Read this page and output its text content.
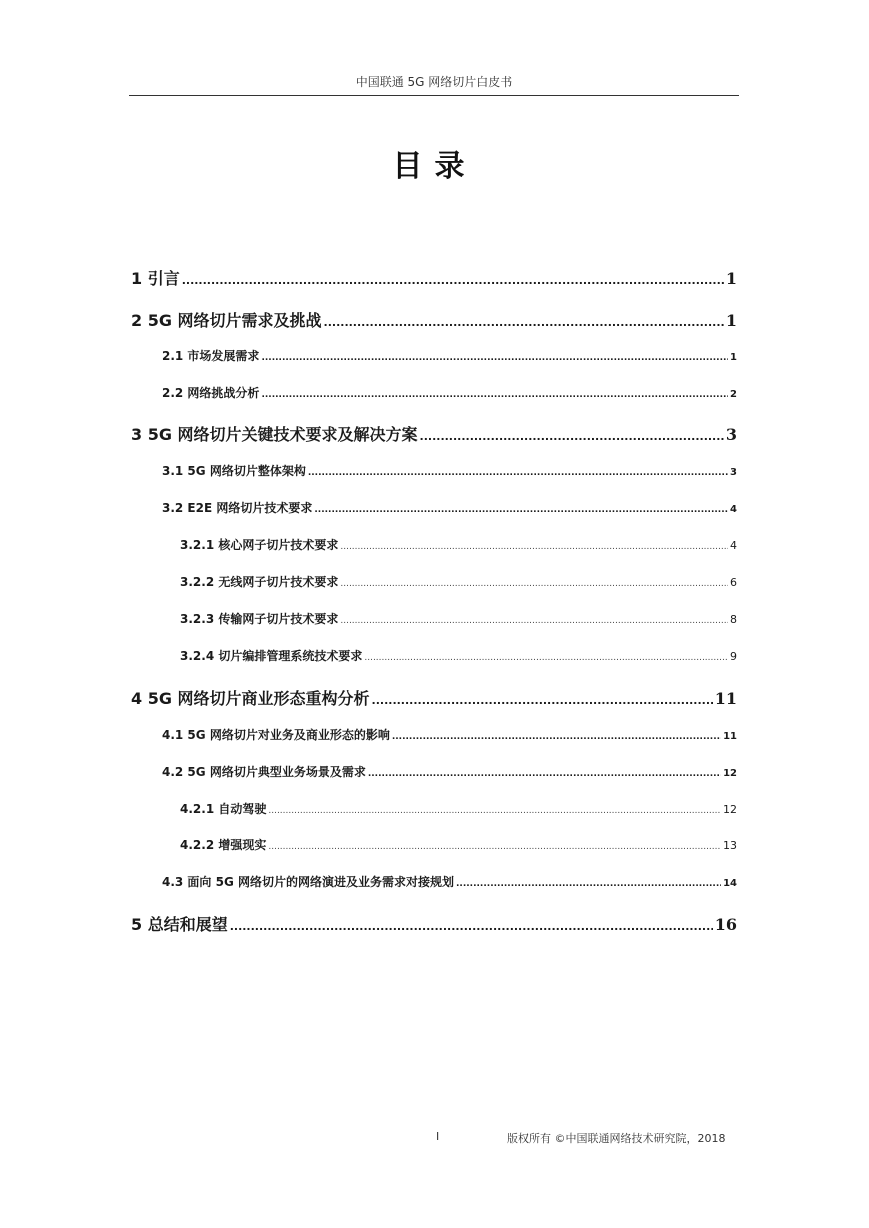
中国联通 5G 网络切片白皮书
目录
1 引言 .....	1
2 5G 网络切片需求及挑战 .....	1
2.1 市场发展需求 .....	1
2.2 网络挑战分析 .....	2
3 5G 网络切片关键技术要求及解决方案 .....	3
3.1 5G 网络切片整体架构 .....	3
3.2 E2E 网络切片技术要求 .....	4
3.2.1 核心网子切片技术要求 .....	4
3.2.2 无线网子切片技术要求 .....	6
3.2.3 传输网子切片技术要求 .....	8
3.2.4 切片编排管理系统技术要求 .....	9
4 5G 网络切片商业形态重构分析 .....	11
4.1 5G 网络切片对业务及商业形态的影响 .....	11
4.2 5G 网络切片典型业务场景及需求 .....	12
4.2.1 自动驾驶 .....	12
4.2.2 增强现实 .....	13
4.3 面向 5G 网络切片的网络演进及业务需求对接规划 .....	14
5 总结和展望 .....	16
I	版权所有 ©中国联通网络技术研究院，2018
